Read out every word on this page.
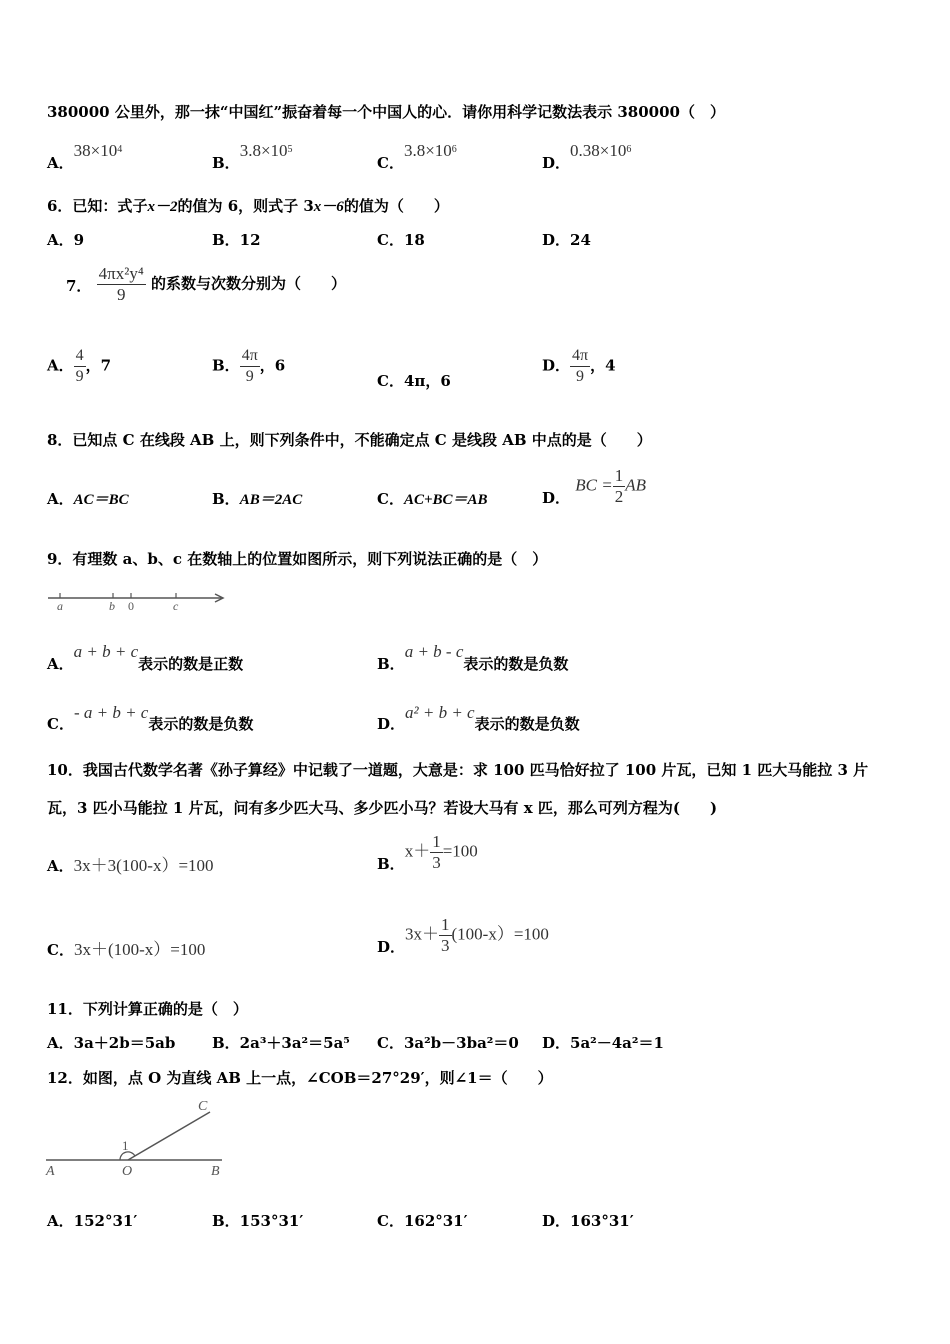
380000 公里外，那一抹“中国红”振奋着每一个中国人的心．请你用科学记数法表示 380000（　）
A．$38\times 10^4$
B．$3.8\times 10^5$
C．$3.8\times 10^6$
D．$0.38\times 10^6$
6．已知：式子x－2的值为 6，则式子 3x－6的值为（　　）
A．9	B．12	C．18	D．24
7． $\frac{\text{4πx²y⁴}}{9}$ 的系数与次数分别为（　　）
A． $\frac{4}{9}$ ，7	B． $\frac{4\pi}{9}$ ，6
C．4π，6
D． $\frac{4\pi}{9}$ ，4
8．已知点 C 在线段 AB 上，则下列条件中，不能确定点 C 是线段 AB 中点的是（　　）
A．AC＝BC	B．AB＝2AC	C．AC+BC＝AB	D． BC = $\frac{1}{2}$ AB
9．有理数 a、b、c 在数轴上的位置如图所示，则下列说法正确的是（　）
a	b 0	c
A．a + b + c表示的数是正数	B．a + b - c表示的数是负数
C．- a + b + c表示的数是负数	D．a² + b + c表示的数是负数
10．我国古代数学名著《孙子算经》中记载了一道题，大意是：求 100 匹马恰好拉了 100 片瓦，已知 1 匹大马能拉 3 片
瓦，3 匹小马能拉 1 片瓦，问有多少匹大马、多少匹小马？若设大马有 x 匹，那么可列方程为(　　)
A．3x＋3(100-x）=100	B．$x+ \frac{1}{3} =100$
C．3x＋(100-x）=100	D．$3x+ \frac{1}{3} (100-x)=100$
11．下列计算正确的是（　）
A．3a＋2b＝5ab B．2a³＋3a²＝5a⁵ C．3a²b－3ba²＝0 D．5a²－4a²＝1
12．如图，点 O 为直线 AB 上一点，∠COB＝27°29′，则∠1＝（　　）
C
1
A	O	B
A．152°31′	B．153°31′	C．162°31′	D．163°31′
